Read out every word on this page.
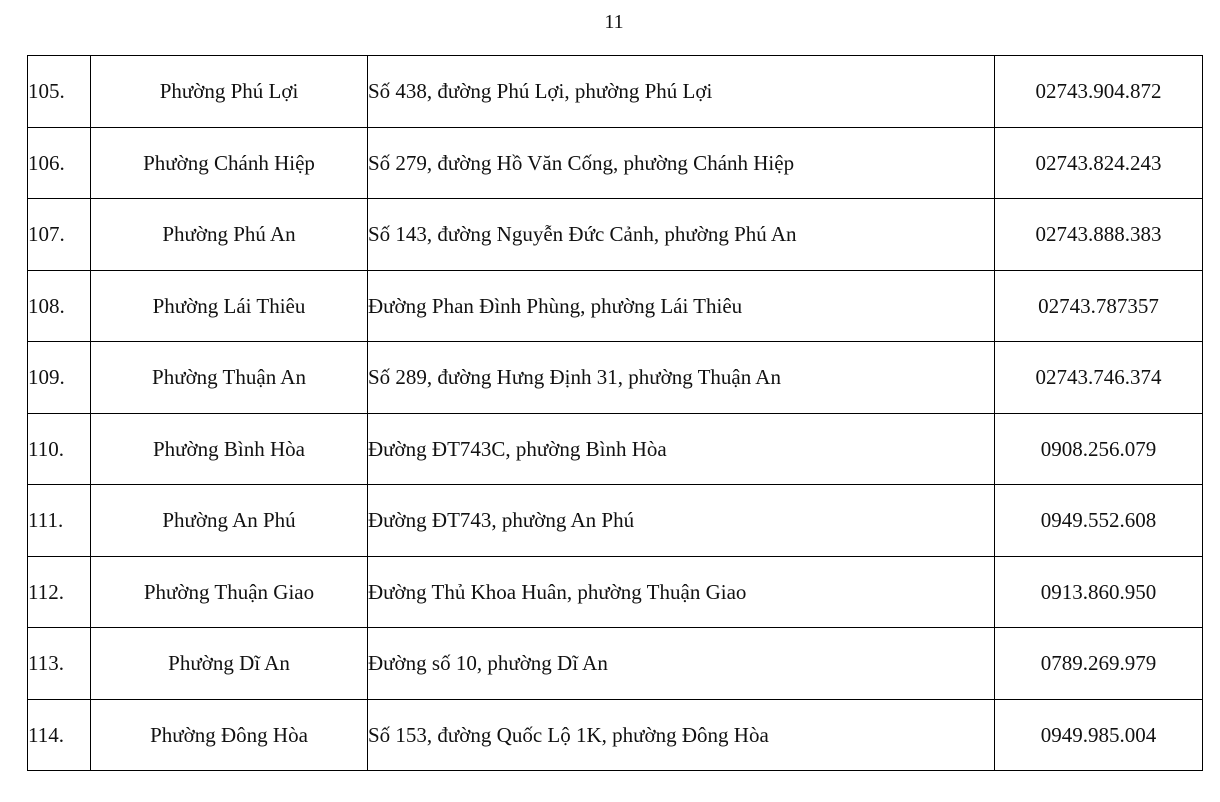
11
105.	Phường Phú Lợi	Số 438, đường Phú Lợi, phường Phú Lợi	02743.904.872
106.	Phường Chánh Hiệp	Số 279, đường Hồ Văn Cống, phường Chánh Hiệp	02743.824.243
107.	Phường Phú An	Số 143, đường Nguyễn Đức Cảnh, phường Phú An	02743.888.383
108.	Phường Lái Thiêu	Đường Phan Đình Phùng, phường Lái Thiêu	02743.787357
109.	Phường Thuận An	Số 289, đường Hưng Định 31, phường Thuận An	02743.746.374
110.	Phường Bình Hòa	Đường ĐT743C, phường Bình Hòa	0908.256.079
111.	Phường An Phú	Đường ĐT743, phường An Phú	0949.552.608
112.	Phường Thuận Giao	Đường Thủ Khoa Huân, phường Thuận Giao	0913.860.950
113.	Phường Dĩ An	Đường số 10, phường Dĩ An	0789.269.979
114.	Phường Đông Hòa	Số 153, đường Quốc Lộ 1K, phường Đông Hòa	0949.985.004
